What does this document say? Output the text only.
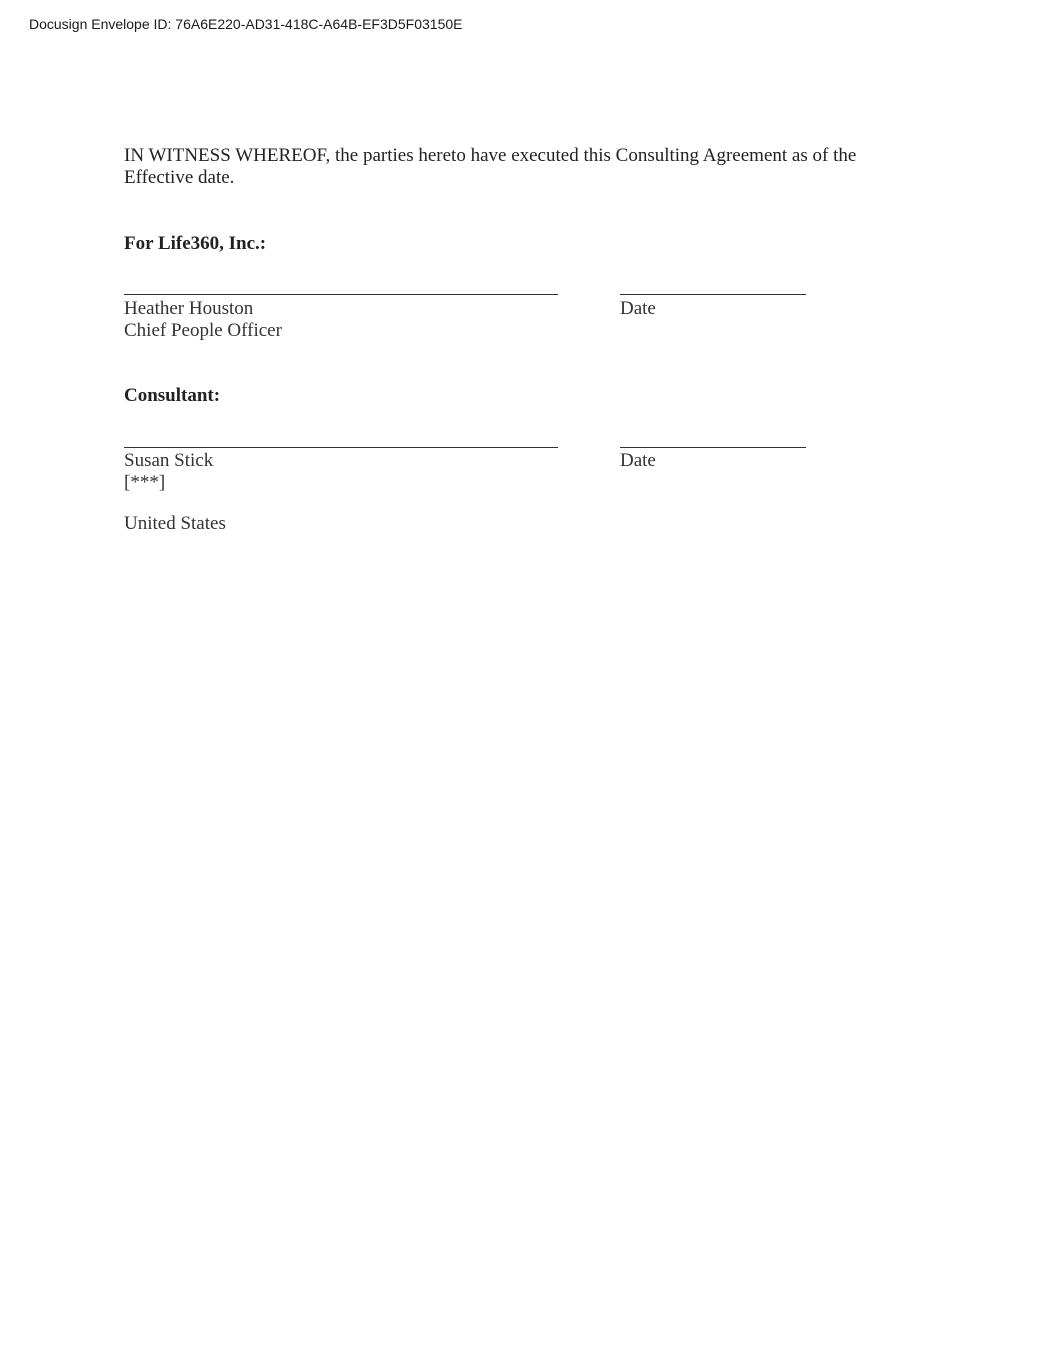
Docusign Envelope ID: 76A6E220-AD31-418C-A64B-EF3D5F03150E
IN WITNESS WHEREOF, the parties hereto have executed this Consulting Agreement as of the
Effective date.
For Life360, Inc.:
Heather Houston
Chief People Officer
Date
Consultant:
Susan Stick
[***]
Date
United States
